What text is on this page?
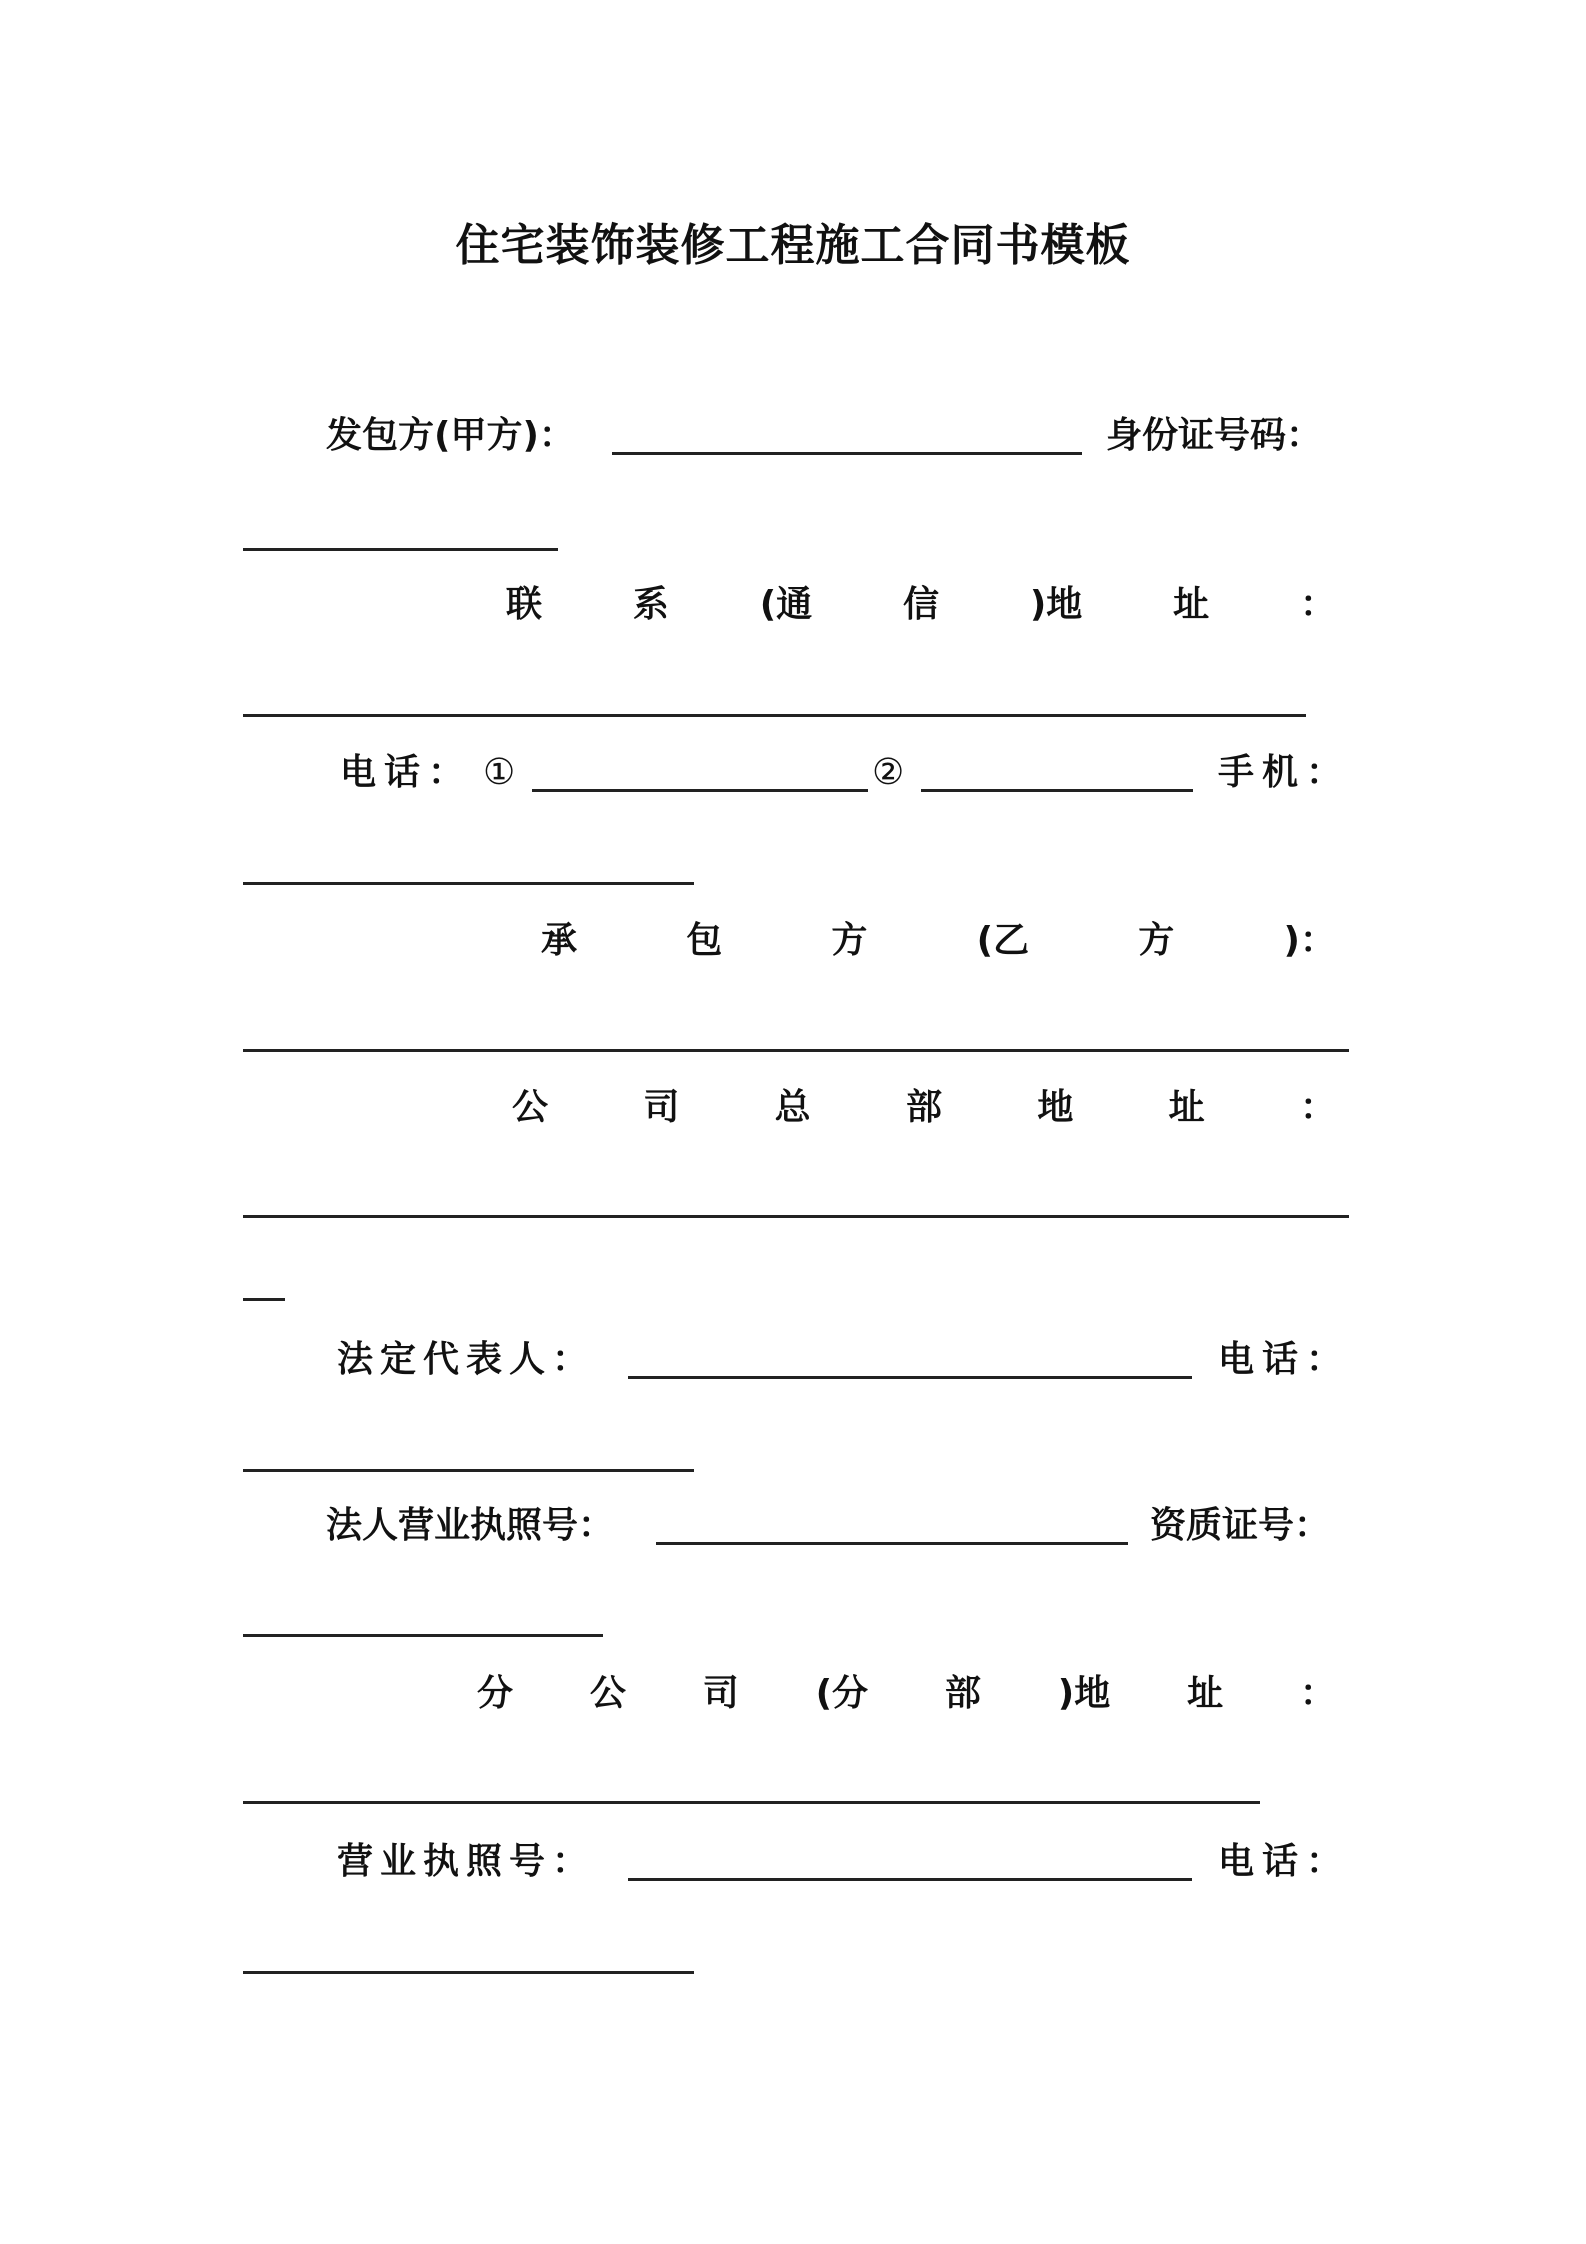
住宅装饰装修工程施工合同书模板
发包方(甲方)：	身份证号码：
联	系	(通	信	)地	址	：
电话： ①	②	手机：
承	包	方	(乙	方	)：
公	司	总	部	地	址	：
法定代表人：	电话：
法人营业执照号：	资质证号：
分 公 司 (分 部 )地 址 ：
营业执照号：	电话：
